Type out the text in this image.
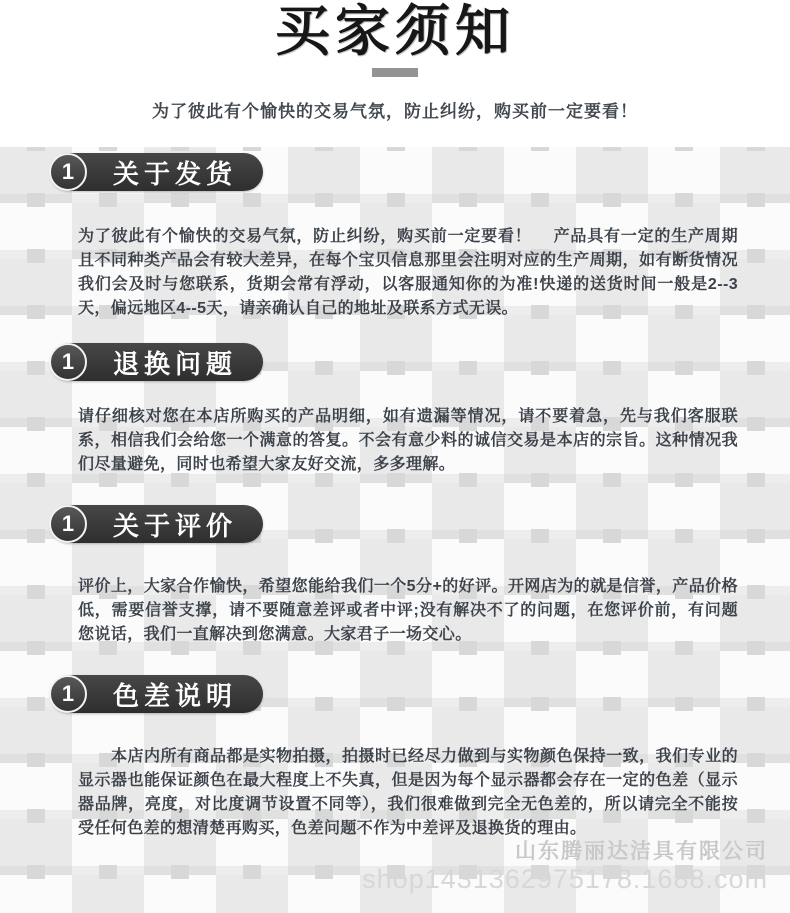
买家须知
为了彼此有个愉快的交易气氛，防止纠纷，购买前一定要看！
1	关于发货
为了彼此有个愉快的交易气氛，防止纠纷，购买前一定要看！　 产品具有一定的生产周期且不同种类产品会有较大差异，在每个宝贝信息那里会注明对应的生产周期，如有断货情况我们会及时与您联系，货期会常有浮动，以客服通知你的为准!快递的送货时间一般是2--3天，偏远地区4--5天，请亲确认自己的地址及联系方式无误。
1	退换问题
请仔细核对您在本店所购买的产品明细，如有遗漏等情况，请不要着急，先与我们客服联系，相信我们会给您一个满意的答复。不会有意少料的诚信交易是本店的宗旨。这种情况我们尽量避免，同时也希望大家友好交流，多多理解。
1	关于评价
评价上，大家合作愉快，希望您能给我们一个5分+的好评。开网店为的就是信誉，产品价格低，需要信誉支撑，请不要随意差评或者中评;没有解决不了的问题，在您评价前，有问题您说话，我们一直解决到您满意。大家君子一场交心。
1	色差说明
　　本店内所有商品都是实物拍摄，拍摄时已经尽力做到与实物颜色保持一致，我们专业的显示器也能保证颜色在最大程度上不失真，但是因为每个显示器都会存在一定的色差（显示器品牌，亮度，对比度调节设置不同等），我们很难做到完全无色差的，所以请完全不能按受任何色差的想清楚再购买，色差问题不作为中差评及退换货的理由。
山东腾丽达洁具有限公司
shop1431362975178.1688.com
